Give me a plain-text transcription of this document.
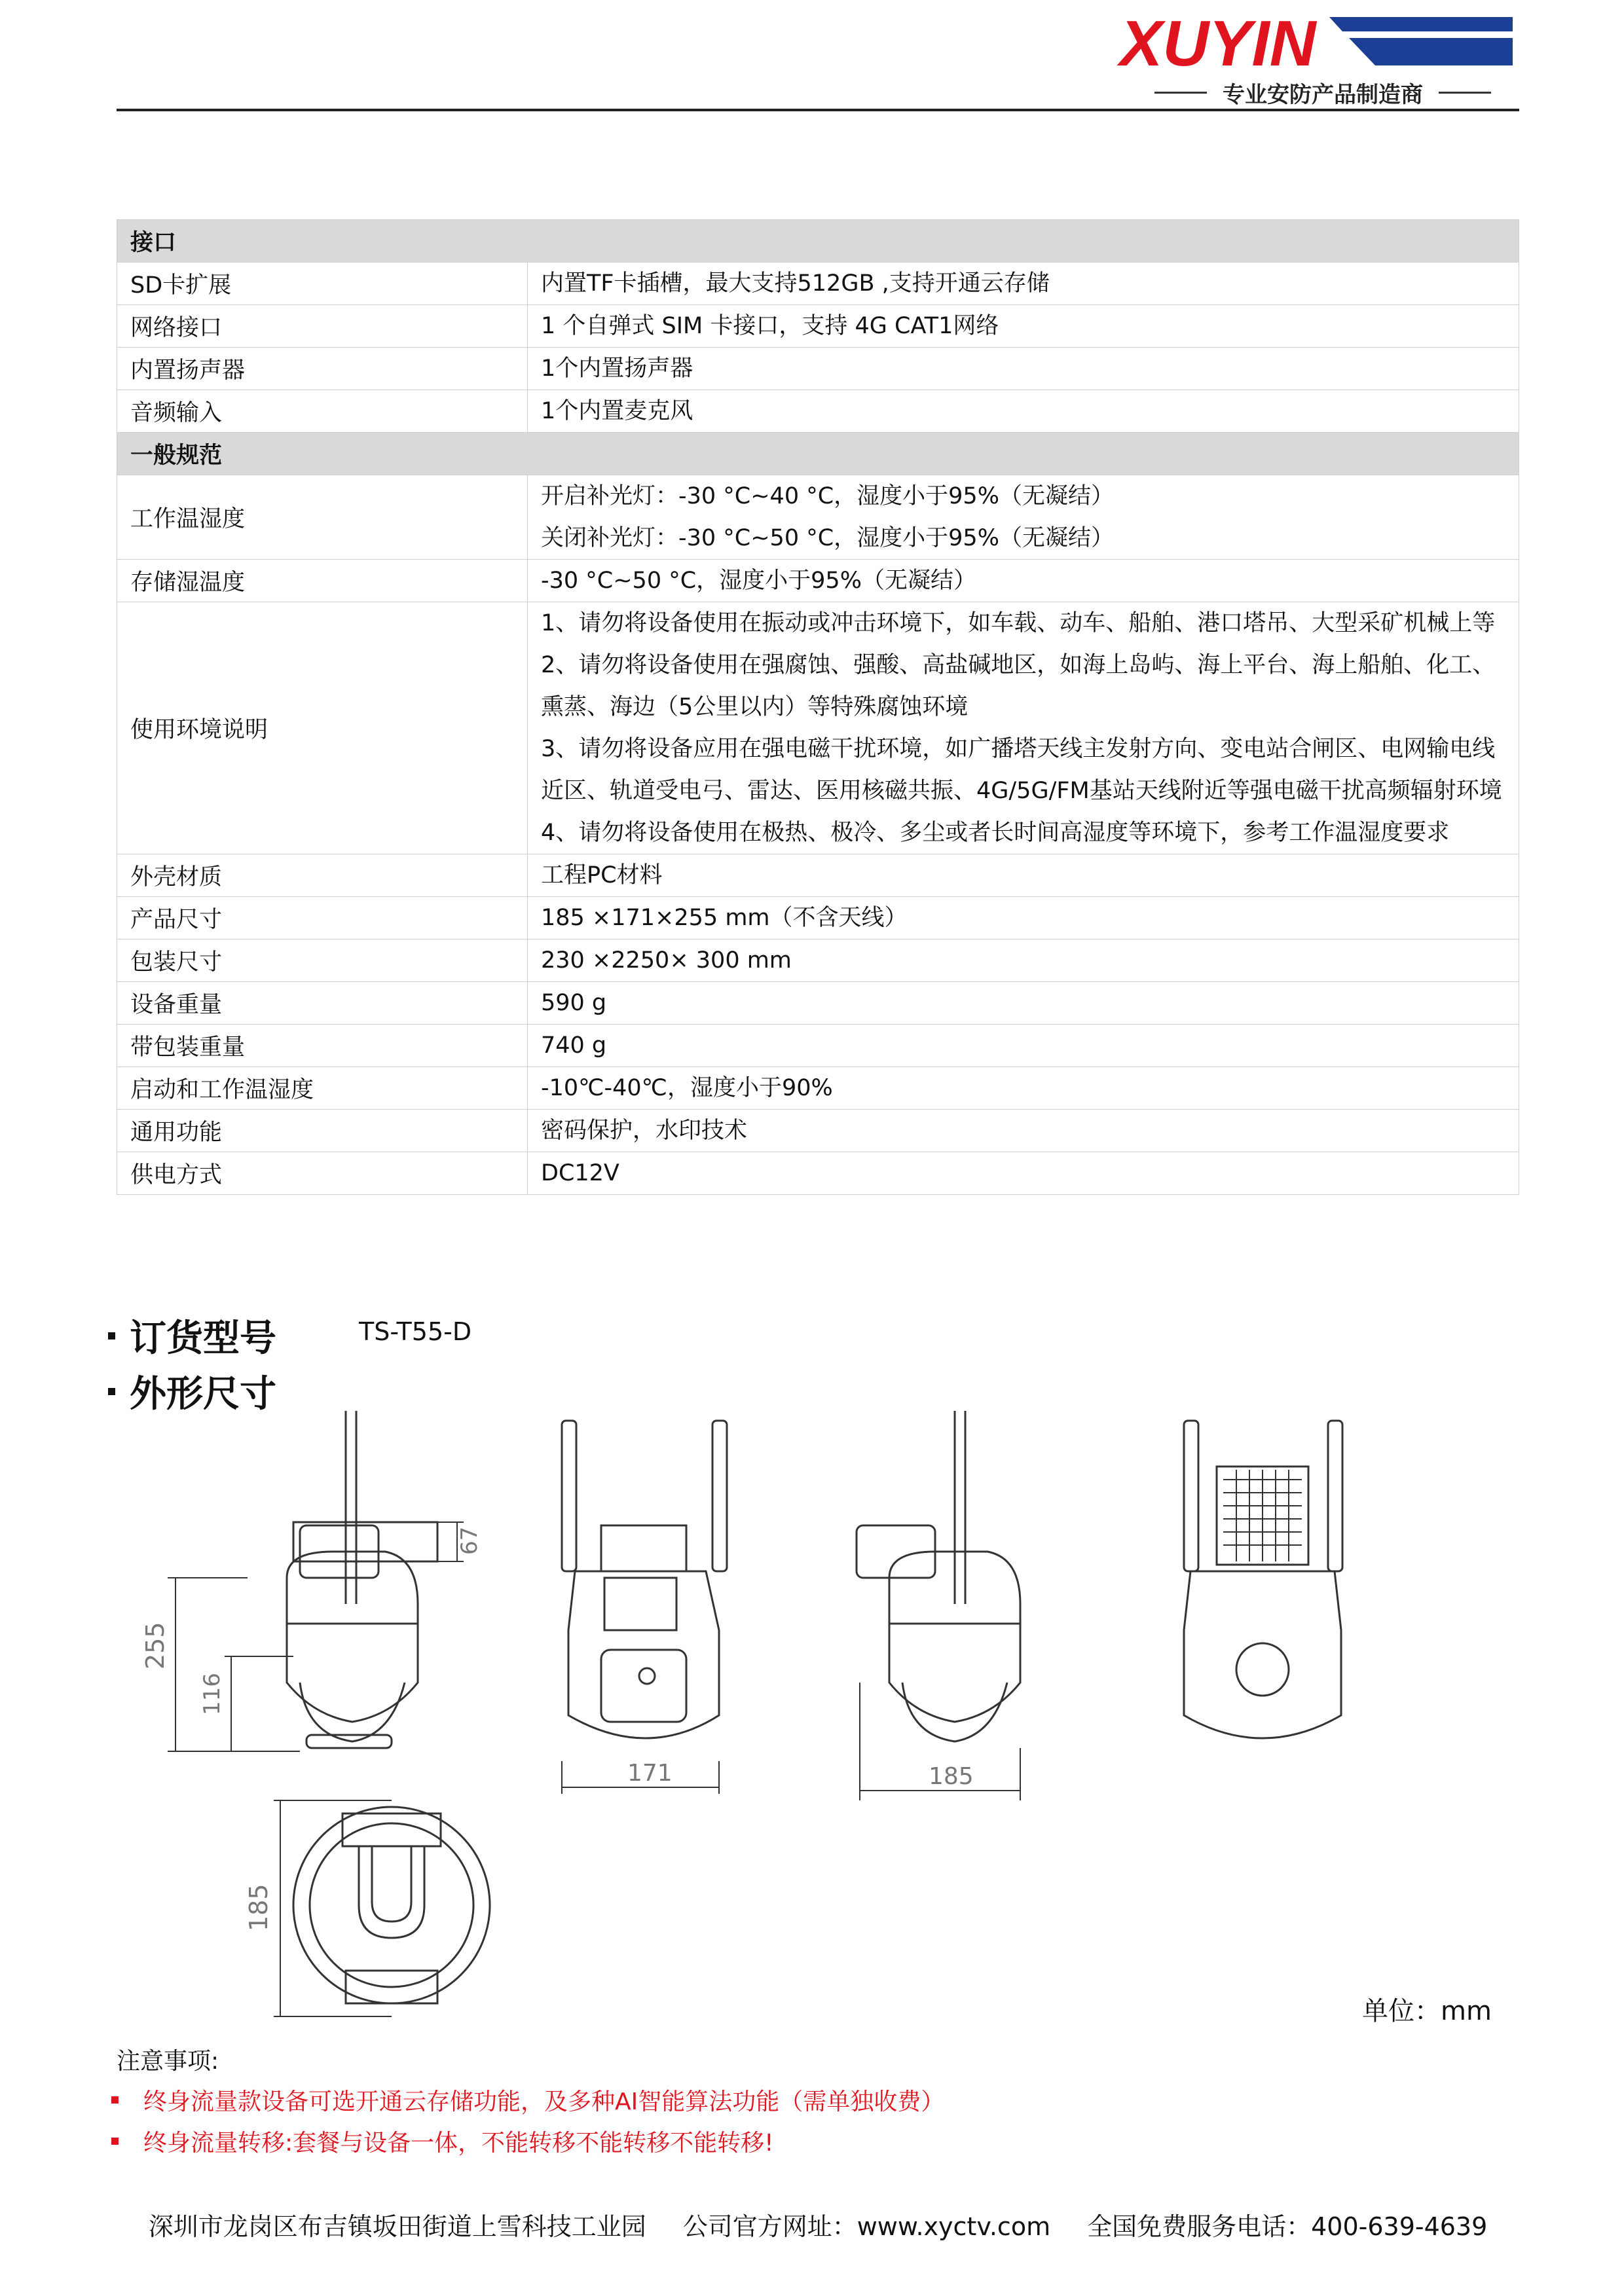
XUYIN
专业安防产品制造商
接口	
SD卡扩展	内置TF卡插槽，最大支持512GB ,支持开通云存储
网络接口	1 个自弹式 SIM 卡接口，支持 4G CAT1网络
内置扬声器	1个内置扬声器
音频输入	1个内置麦克风
一般规范	
工作温湿度	开启补光灯：-30 °C~40 °C，湿度小于95%（无凝结）
关闭补光灯：-30 °C~50 °C，湿度小于95%（无凝结）

存储湿温度	-30 °C~50 °C，湿度小于95%（无凝结）
使用环境说明	1、请勿将设备使用在振动或冲击环境下，如车载、动车、船舶、港口塔吊、大型采矿机械上等
2、请勿将设备使用在强腐蚀、强酸、高盐碱地区，如海上岛屿、海上平台、海上船舶、化工、熏蒸、海边（5公里以内）等特殊腐蚀环境
3、请勿将设备应用在强电磁干扰环境，如广播塔天线主发射方向、变电站合闸区、电网输电线近区、轨道受电弓、雷达、医用核磁共振、4G/5G/FM基站天线附近等强电磁干扰高频辐射环境
4、请勿将设备使用在极热、极冷、多尘或者长时间高湿度等环境下，参考工作温湿度要求

外壳材质	工程PC材料
产品尺寸	185 ×171×255 mm（不含天线）
包装尺寸	230 ×2250× 300 mm
设备重量	590 g
带包装重量	740 g
启动和工作温湿度	-10℃-40℃，湿度小于90%
通用功能	密码保护，水印技术
供电方式	DC12V
订货型号	TS-T55-D
外形尺寸
255
116
67
171	185
185
单位：mm
注意事项:
终身流量款设备可选开通云存储功能，及多种AI智能算法功能（需单独收费）
终身流量转移:套餐与设备一体，不能转移不能转移不能转移!
深圳市龙岗区布吉镇坂田街道上雪科技工业园 公司官方网址：www.xyctv.com 全国免费服务电话：400-639-4639
